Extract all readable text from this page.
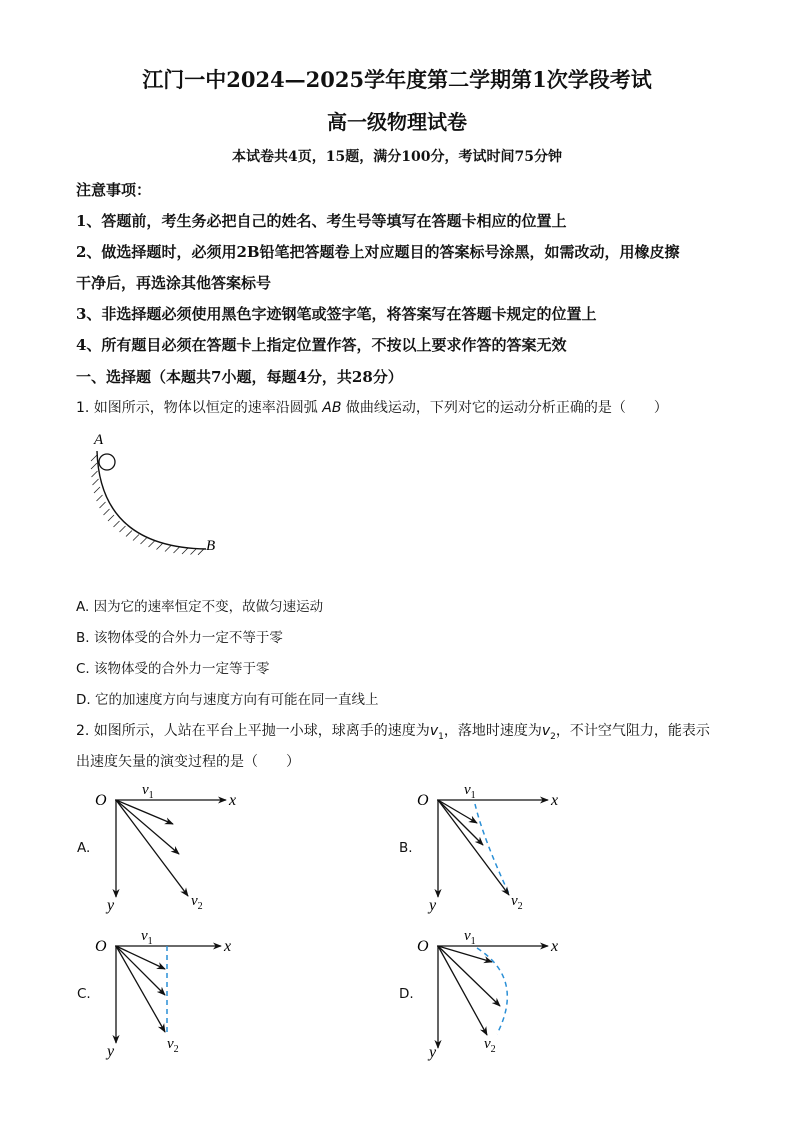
江门一中2024—2025学年度第二学期第1次学段考试
高一级物理试卷
本试卷共4页，15题，满分100分，考试时间75分钟
注意事项：
1、答题前，考生务必把自己的姓名、考生号等填写在答题卡相应的位置上
2、做选择题时，必须用2B铅笔把答题卷上对应题目的答案标号涂黑，如需改动，用橡皮擦
干净后，再选涂其他答案标号
3、非选择题必须使用黑色字迹钢笔或签字笔，将答案写在答题卡规定的位置上
4、所有题目必须在答题卡上指定位置作答，不按以上要求作答的答案无效
一、选择题（本题共7小题，每题4分，共28分）
1. 如图所示，物体以恒定的速率沿圆弧 AB 做曲线运动，下列对它的运动分析正确的是（　　）
A
B
A. 因为它的速率恒定不变，故做匀速运动
B. 该物体受的合外力一定不等于零
C. 该物体受的合外力一定等于零
D. 它的加速度方向与速度方向有可能在同一直线上
2. 如图所示，人站在平台上平抛一小球，球离手的速度为$v_1$，落地时速度为$v_2$，不计空气阻力，能表示
出速度矢量的演变过程的是（　　）
A.	B.
C.	D.
O	x
y
$v_1$
$v_2$
O	x
y
$v_1$
$v_2$
O	x
y
$v_1$
$v_2$
O	x
y
$v_1$
$v_2$
